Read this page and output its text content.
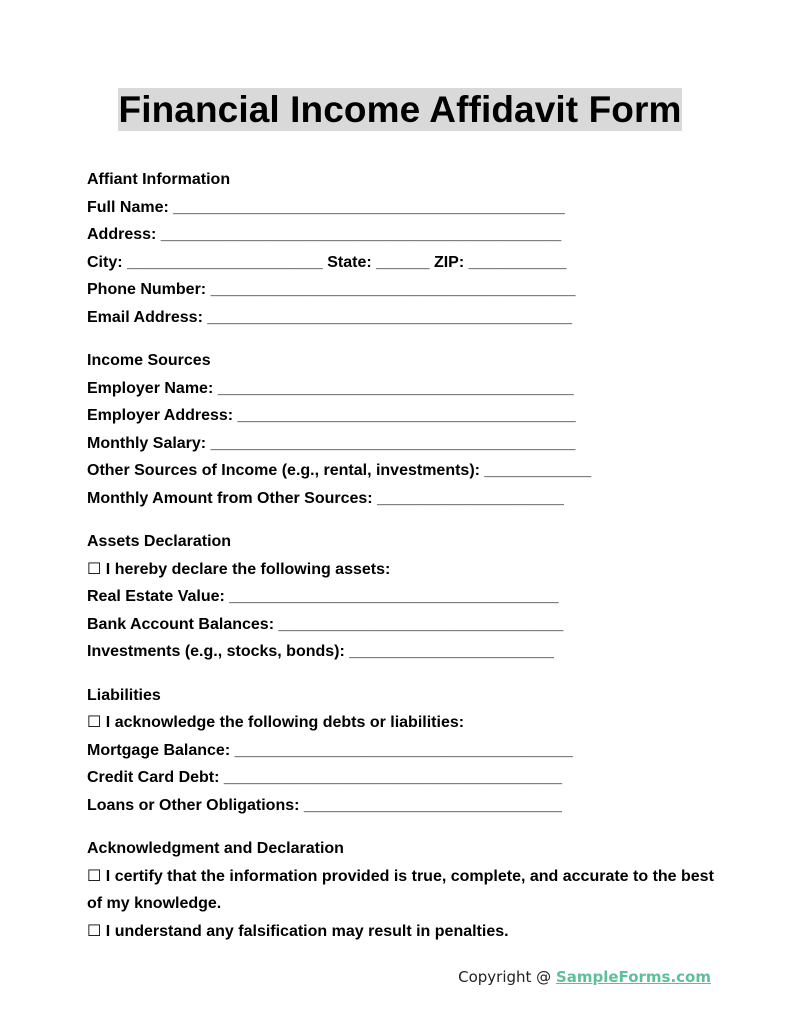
Financial Income Affidavit Form
Affiant Information
Full Name: ____________________________________________
Address: _____________________________________________
City: ______________________ State: ______ ZIP: ___________
Phone Number: _________________________________________
Email Address: _________________________________________
Income Sources
Employer Name: ________________________________________
Employer Address: ______________________________________
Monthly Salary: _________________________________________
Other Sources of Income (e.g., rental, investments): ____________
Monthly Amount from Other Sources: _____________________
Assets Declaration
☐ I hereby declare the following assets:
Real Estate Value: _____________________________________
Bank Account Balances: ________________________________
Investments (e.g., stocks, bonds): _______________________
Liabilities
☐ I acknowledge the following debts or liabilities:
Mortgage Balance: ______________________________________
Credit Card Debt: ______________________________________
Loans or Other Obligations: _____________________________
Acknowledgment and Declaration
☐ I certify that the information provided is true, complete, and accurate to the best of my knowledge.
☐ I understand any falsification may result in penalties.
Copyright @ SampleForms.com
